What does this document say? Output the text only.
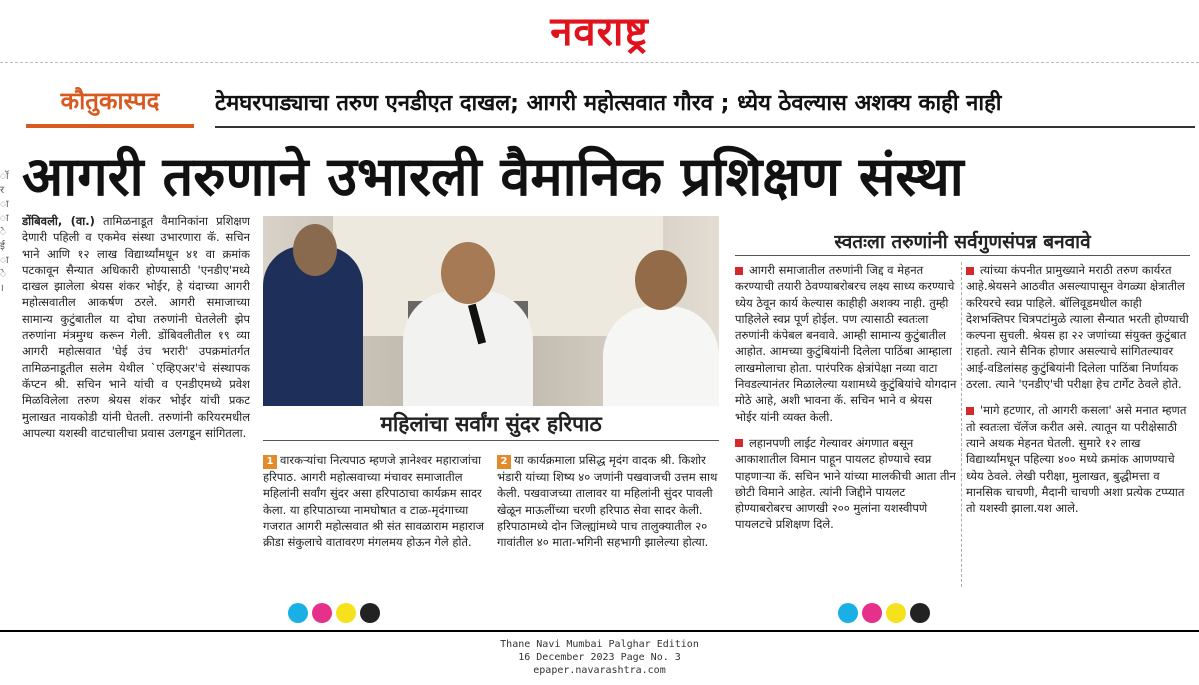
नवराष्ट्र
कौतुकास्पद	टेमघरपाड्याचा तरुण एनडीएत दाखल; आगरी महोत्सवात गौरव ; ध्येय ठेवल्यास अशक्य काही नाही
आगरी तरुणाने उभारली वैमानिक प्रशिक्षण संस्था
ॉ
र
ा
ा
े
ई
ा
े
।
डोंबिवली, (वा.) तामिळनाडूत वैमानिकांना प्रशिक्षण देणारी पहिली व एकमेव संस्था उभारणारा कॅ. सचिन भाने आणि १२ लाख विद्यार्थ्यांमधून ४१ वा क्रमांक पटकावून सैन्यात अधिकारी होण्यासाठी 'एनडीए'मध्ये दाखल झालेला श्रेयस शंकर भोईर, हे यंदाच्या आगरी महोत्सवातील आकर्षण ठरले. आगरी समाजाच्या सामान्य कुटुंबातील या दोघा तरुणांनी घेतलेली झेप तरुणांना मंत्रमुग्ध करून गेली. डोंबिवलीतील १९ व्या आगरी महोत्सवात 'घेई उंच भरारी' उपक्रमांतर्गत तामिळनाडूतील सलेम येथील `एव्हिएअर'चे संस्थापक कॅप्टन श्री. सचिन भाने यांची व एनडीएमध्ये प्रवेश मिळविलेला तरुण श्रेयस शंकर भोईर यांची प्रकट मुलाखत नायकोडी यांनी घेतली. तरुणांनी करियरमधील आपल्या यशस्वी वाटचालीचा प्रवास उलगडून सांगितला.	महिलांचा सर्वांग सुंदर हरिपाठ
1 वारकऱ्यांचा नित्यपाठ म्हणजे ज्ञानेश्वर महाराजांचा हरिपाठ. आगरी महोत्सवाच्या मंचावर समाजातील महिलांनी सर्वांग सुंदर असा हरिपाठाचा कार्यक्रम सादर केला. या हरिपाठाच्या नामघोषात व टाळ-मृदंगाच्या गजरात आगरी महोत्सवात श्री संत सावळाराम महाराज क्रीडा संकुलाचे वातावरण मंगलमय होऊन गेले होते.
2 या कार्यक्रमाला प्रसिद्ध मृदंग वादक श्री. किशोर भंडारी यांच्या शिष्य ४० जणांनी पखवाजची उत्तम साथ केली. पखवाजच्या तालावर या महिलांनी सुंदर पावली खेळून माऊलींच्या चरणी हरिपाठ सेवा सादर केली. हरिपाठामध्ये दोन जिल्ह्यांमध्ये पाच तालुक्यातील २० गावांतील ४० माता-भगिनी सहभागी झालेल्या होत्या.
स्वतःला तरुणांनी सर्वगुणसंपन्न बनवावे

आगरी समाजातील तरुणांनी जिद्द व मेहनत करण्याची तयारी ठेवण्याबरोबरच लक्ष्य साध्य करण्याचे ध्येय ठेवून कार्य केल्यास काहीही अशक्य नाही. तुम्ही पाहिलेले स्वप्न पूर्ण होईल. पण त्यासाठी स्वतःला तरुणांनी कंपेबल बनवावे. आम्ही सामान्य कुटुंबातील आहोत. आमच्या कुटुंबियांनी दिलेला पाठिंबा आम्हाला लाखमोलाचा होता. पारंपरिक क्षेत्रांपेक्षा नव्या वाटा निवडल्यानंतर मिळालेल्या यशामध्ये कुटुंबियांचे योगदान मोठे आहे, अशी भावना कॅ. सचिन भाने व श्रेयस भोईर यांनी व्यक्त केली.

लहानपणी लाईट गेल्यावर अंगणात बसून आकाशातील विमान पाहून पायलट होण्याचे स्वप्न पाहणाऱ्या कॅ. सचिन भाने यांच्या मालकीची आता तीन छोटी विमाने आहेत. त्यांनी जिद्दीने पायलट होण्याबरोबरच आणखी २०० मुलांना यशस्वीपणे पायलटचे प्रशिक्षण दिले.

त्यांच्या कंपनीत प्रामुख्याने मराठी तरुण कार्यरत आहे.श्रेयसने आठवीत असल्यापासून वेगळ्या क्षेत्रातील करियरचे स्वप्न पाहिले. बॉलिवूडमधील काही देशभक्तिपर चित्रपटांमुळे त्याला सैन्यात भरती होण्याची कल्पना सुचली. श्रेयस हा २२ जणांच्या संयुक्त कुटुंबात राहतो. त्याने सैनिक होणार असल्याचे सांगितल्यावर आई-वडिलांसह कुटुंबियांनी दिलेला पाठिंबा निर्णायक ठरला. त्याने 'एनडीए'ची परीक्षा हेच टार्गेट ठेवले होते.

'मागे हटणार, तो आगरी कसला' असे मनात म्हणत तो स्वतःला चॅलेंज करीत असे. त्यातून या परीक्षेसाठी त्याने अथक मेहनत घेतली. सुमारे १२ लाख विद्यार्थ्यांमधून पहिल्या ४०० मध्ये क्रमांक आणण्याचे ध्येय ठेवले. लेखी परीक्षा, मुलाखत, बुद्धीमत्ता व मानसिक चाचणी, मैदानी चाचणी अशा प्रत्येक टप्प्यात तो यशस्वी झाला.यश आले.

Thane Navi Mumbai Palghar Edition
16 December 2023 Page No. 3
epaper.navarashtra.com
